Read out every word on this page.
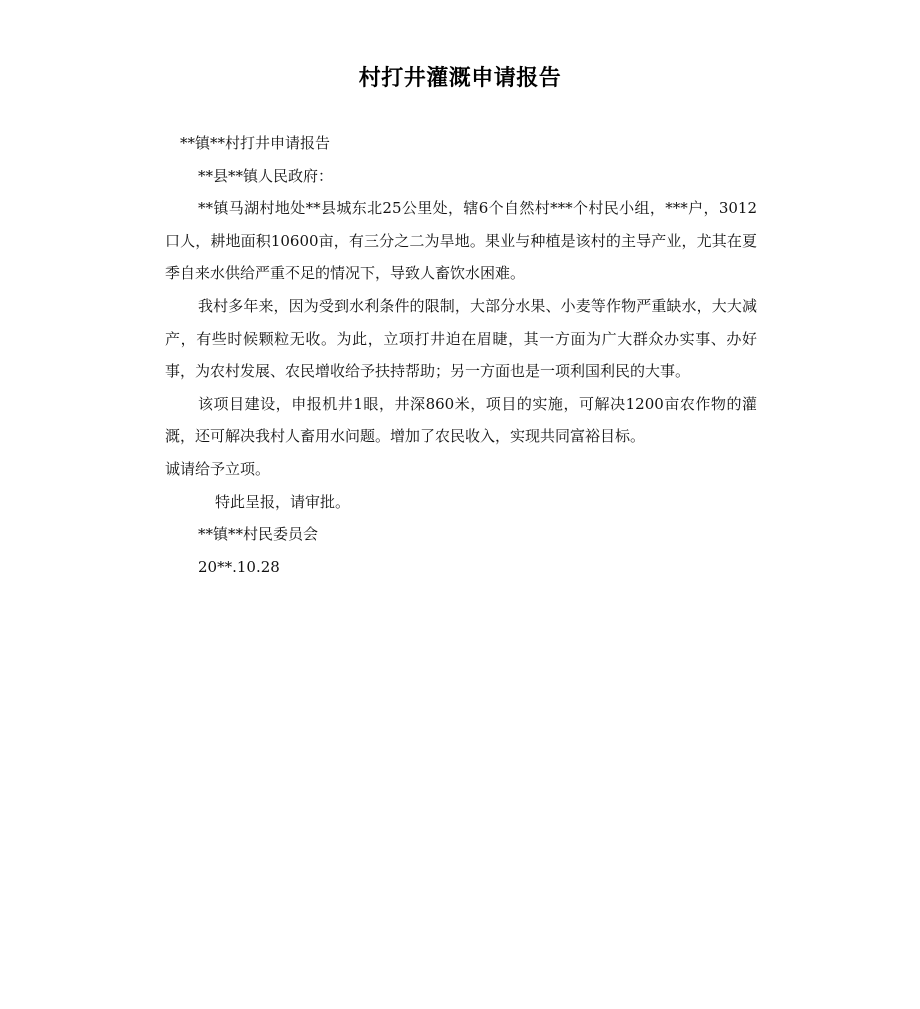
村打井灌溉申请报告

**镇**村打井申请报告

**县**镇人民政府：

**镇马湖村地处**县城东北25公里处，辖6个自然村***个村民小组，***户，3012口人，耕地面积10600亩，有三分之二为旱地。果业与种植是该村的主导产业，尤其在夏季自来水供给严重不足的情况下，导致人畜饮水困难。

我村多年来，因为受到水利条件的限制，大部分水果、小麦等作物严重缺水，大大减产，有些时候颗粒无收。为此，立项打井迫在眉睫，其一方面为广大群众办实事、办好事，为农村发展、农民增收给予扶持帮助；另一方面也是一项利国利民的大事。

该项目建设，申报机井1眼，井深860米，项目的实施，可解决1200亩农作物的灌溉，还可解决我村人畜用水问题。增加了农民收入，实现共同富裕目标。

诚请给予立项。

特此呈报，请审批。

**镇**村民委员会

20**.10.28
